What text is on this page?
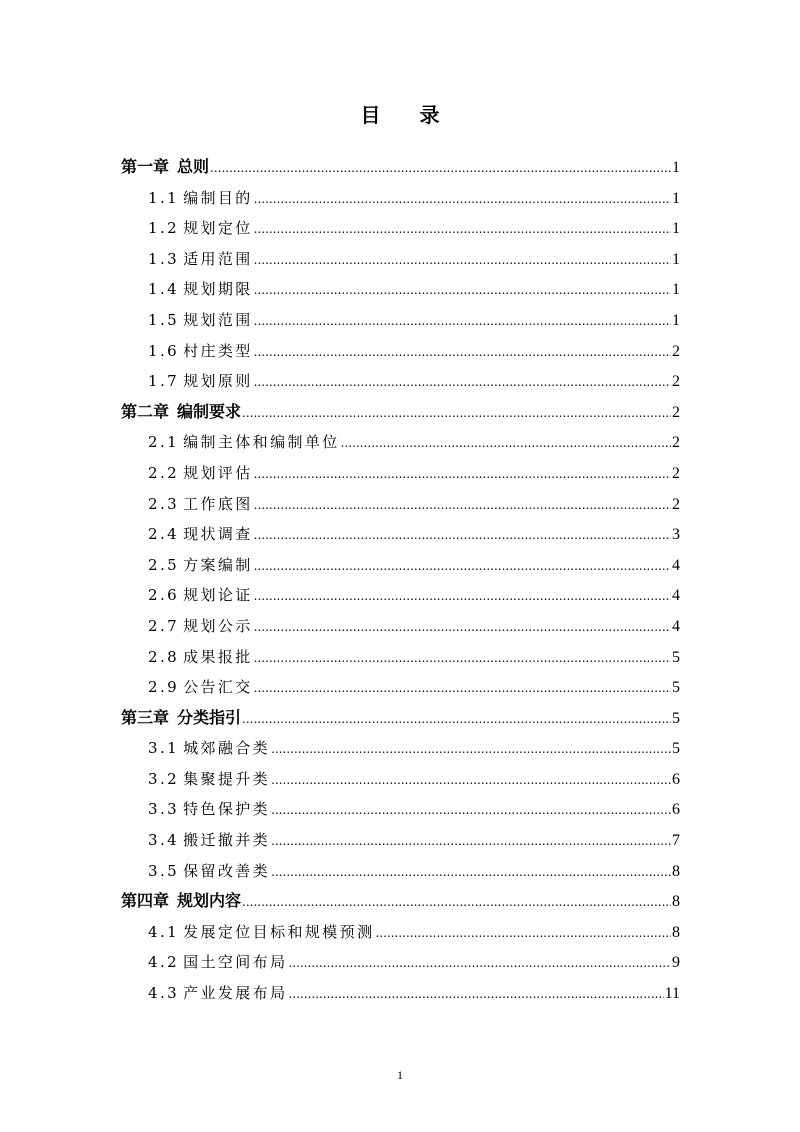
目 录
第一章 总则 .....	1
1.1 编制目的 .....	1
1.2 规划定位 .....	1
1.3 适用范围 .....	1
1.4 规划期限 .....	1
1.5 规划范围 .....	1
1.6 村庄类型 .....	2
1.7 规划原则 .....	2
第二章 编制要求 .....	2
2.1 编制主体和编制单位 .....	2
2.2 规划评估 .....	2
2.3 工作底图 .....	2
2.4 现状调查 .....	3
2.5 方案编制 .....	4
2.6 规划论证 .....	4
2.7 规划公示 .....	4
2.8 成果报批 .....	5
2.9 公告汇交 .....	5
第三章 分类指引 .....	5
3.1 城郊融合类 .....	5
3.2 集聚提升类 .....	6
3.3 特色保护类 .....	6
3.4 搬迁撤并类 .....	7
3.5 保留改善类 .....	8
第四章 规划内容 .....	8
4.1 发展定位目标和规模预测 .....	8
4.2 国土空间布局 .....	9
4.3 产业发展布局 .....	11
1
